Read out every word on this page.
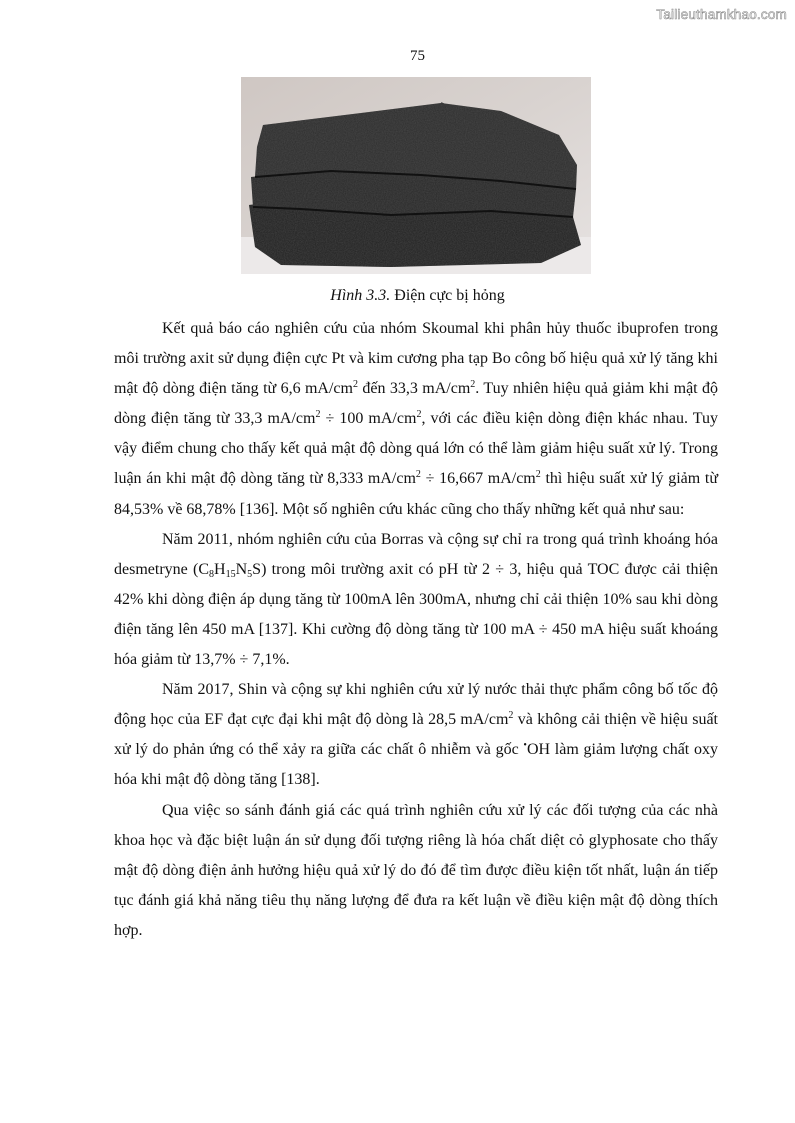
Tailieuthamkhao.com
75
Hình 3.3. Điện cực bị hỏng

Kết quả báo cáo nghiên cứu của nhóm Skoumal khi phân hủy thuốc ibuprofen trong môi trường axit sử dụng điện cực Pt và kim cương pha tạp Bo công bố hiệu quả xử lý tăng khi mật độ dòng điện tăng từ 6,6 $mA/cm^2$ đến 33,3 $mA/cm^2$. Tuy nhiên hiệu quả giảm khi mật độ dòng điện tăng từ 33,3 $mA/cm^2 \div 100$ $mA/cm^2$, với các điều kiện dòng điện khác nhau. Tuy vậy điểm chung cho thấy kết quả mật độ dòng quá lớn có thể làm giảm hiệu suất xử lý. Trong luận án khi mật độ dòng tăng từ 8,333 $mA/cm^2 \div 16,667$ $mA/cm^2$ thì hiệu suất xử lý giảm từ 84,53% về 68,78% [136]. Một số nghiên cứu khác cũng cho thấy những kết quả như sau:

Năm 2011, nhóm nghiên cứu của Borras và cộng sự chỉ ra trong quá trình khoáng hóa desmetryne $(C_8H_{15}N_5S)$ trong môi trường axit có pH từ 2 ÷ 3, hiệu quả TOC được cải thiện 42% khi dòng điện áp dụng tăng từ 100mA lên 300mA, nhưng chỉ cải thiện 10% sau khi dòng điện tăng lên 450 mA [137]. Khi cường độ dòng tăng từ 100 mA ÷ 450 mA hiệu suất khoáng hóa giảm từ 13,7% ÷ 7,1%.

Năm 2017, Shin và cộng sự khi nghiên cứu xử lý nước thải thực phẩm công bố tốc độ động học của EF đạt cực đại khi mật độ dòng là 28,5 $mA/cm^2$ và không cải thiện về hiệu suất xử lý do phản ứng có thể xảy ra giữa các chất ô nhiễm và gốc •OH làm giảm lượng chất oxy hóa khi mật độ dòng tăng [138].

Qua việc so sánh đánh giá các quá trình nghiên cứu xử lý các đối tượng của các nhà khoa học và đặc biệt luận án sử dụng đối tượng riêng là hóa chất diệt cỏ glyphosate cho thấy mật độ dòng điện ảnh hưởng hiệu quả xử lý do đó để tìm được điều kiện tốt nhất, luận án tiếp tục đánh giá khả năng tiêu thụ năng lượng để đưa ra kết luận về điều kiện mật độ dòng thích hợp.
